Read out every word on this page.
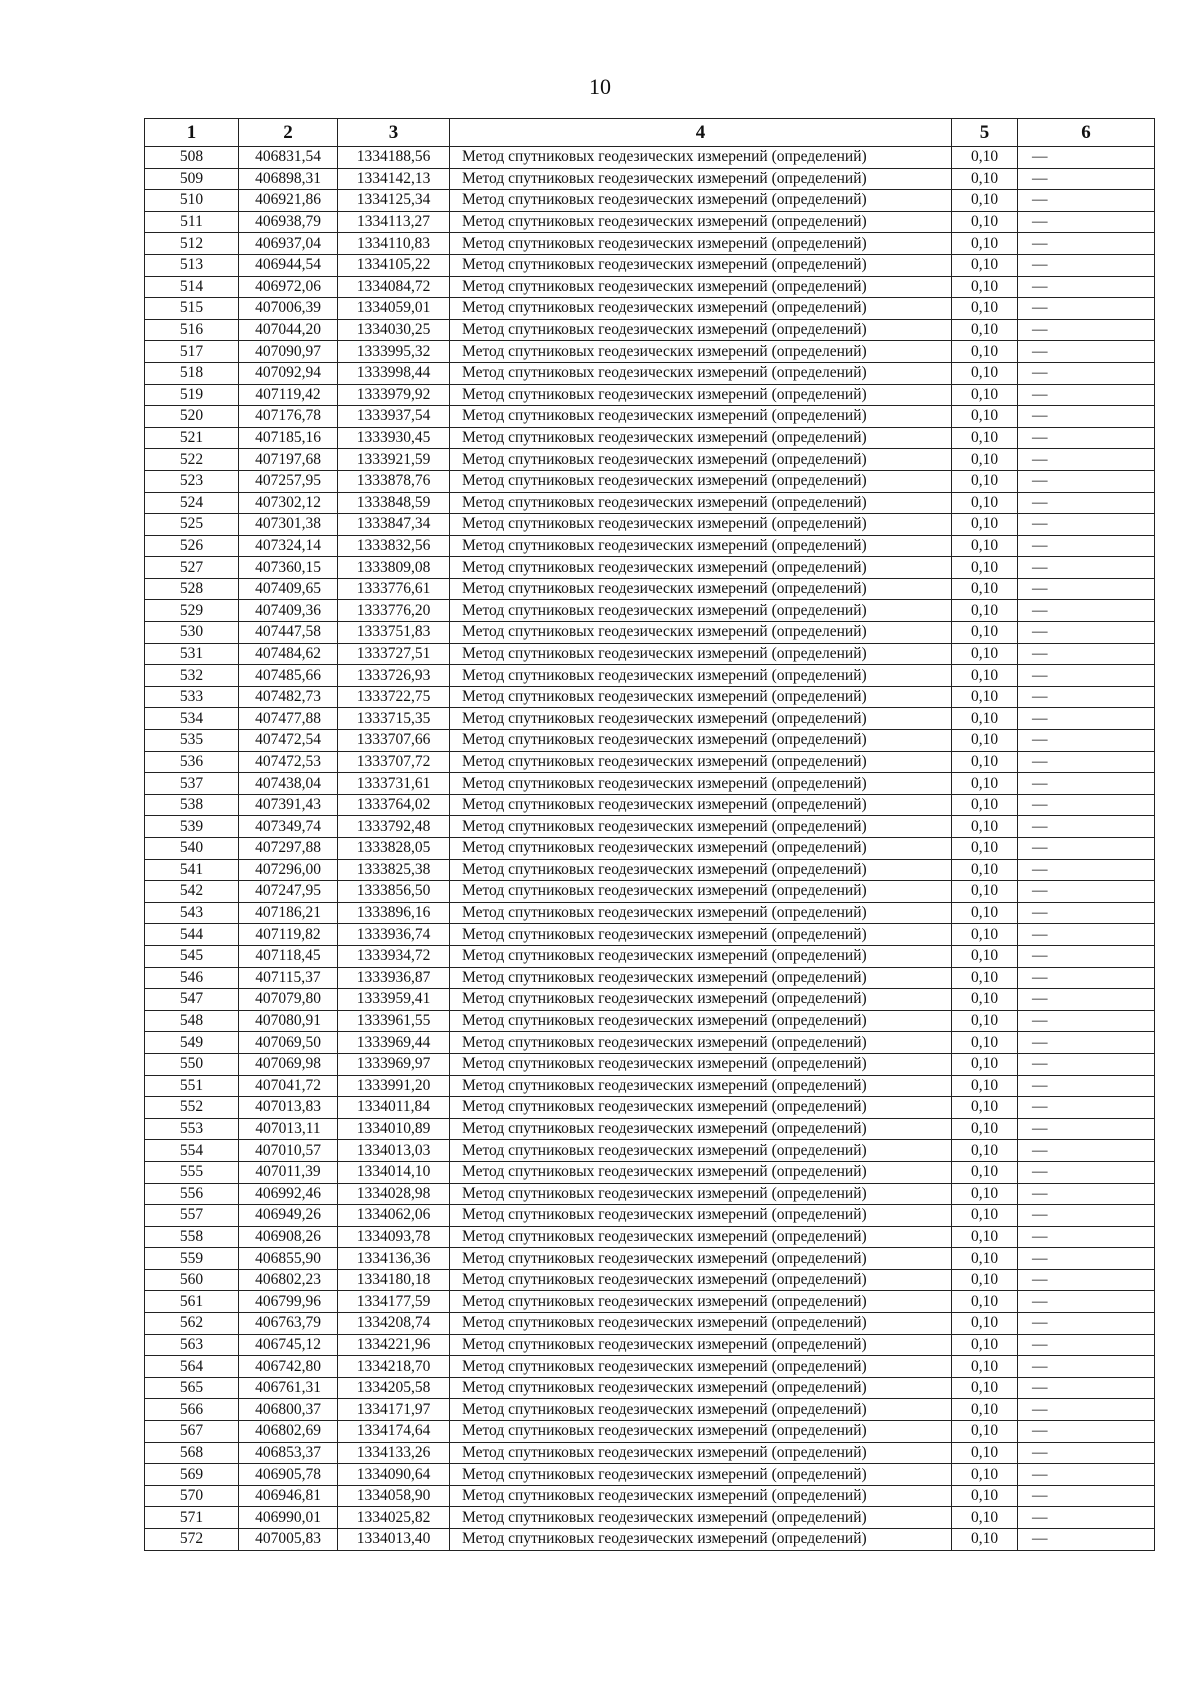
10
1	2	3	4	5	6
508	406831,54	1334188,56	Метод спутниковых геодезических измерений (определений)	0,10	—
509	406898,31	1334142,13	Метод спутниковых геодезических измерений (определений)	0,10	—
510	406921,86	1334125,34	Метод спутниковых геодезических измерений (определений)	0,10	—
511	406938,79	1334113,27	Метод спутниковых геодезических измерений (определений)	0,10	—
512	406937,04	1334110,83	Метод спутниковых геодезических измерений (определений)	0,10	—
513	406944,54	1334105,22	Метод спутниковых геодезических измерений (определений)	0,10	—
514	406972,06	1334084,72	Метод спутниковых геодезических измерений (определений)	0,10	—
515	407006,39	1334059,01	Метод спутниковых геодезических измерений (определений)	0,10	—
516	407044,20	1334030,25	Метод спутниковых геодезических измерений (определений)	0,10	—
517	407090,97	1333995,32	Метод спутниковых геодезических измерений (определений)	0,10	—
518	407092,94	1333998,44	Метод спутниковых геодезических измерений (определений)	0,10	—
519	407119,42	1333979,92	Метод спутниковых геодезических измерений (определений)	0,10	—
520	407176,78	1333937,54	Метод спутниковых геодезических измерений (определений)	0,10	—
521	407185,16	1333930,45	Метод спутниковых геодезических измерений (определений)	0,10	—
522	407197,68	1333921,59	Метод спутниковых геодезических измерений (определений)	0,10	—
523	407257,95	1333878,76	Метод спутниковых геодезических измерений (определений)	0,10	—
524	407302,12	1333848,59	Метод спутниковых геодезических измерений (определений)	0,10	—
525	407301,38	1333847,34	Метод спутниковых геодезических измерений (определений)	0,10	—
526	407324,14	1333832,56	Метод спутниковых геодезических измерений (определений)	0,10	—
527	407360,15	1333809,08	Метод спутниковых геодезических измерений (определений)	0,10	—
528	407409,65	1333776,61	Метод спутниковых геодезических измерений (определений)	0,10	—
529	407409,36	1333776,20	Метод спутниковых геодезических измерений (определений)	0,10	—
530	407447,58	1333751,83	Метод спутниковых геодезических измерений (определений)	0,10	—
531	407484,62	1333727,51	Метод спутниковых геодезических измерений (определений)	0,10	—
532	407485,66	1333726,93	Метод спутниковых геодезических измерений (определений)	0,10	—
533	407482,73	1333722,75	Метод спутниковых геодезических измерений (определений)	0,10	—
534	407477,88	1333715,35	Метод спутниковых геодезических измерений (определений)	0,10	—
535	407472,54	1333707,66	Метод спутниковых геодезических измерений (определений)	0,10	—
536	407472,53	1333707,72	Метод спутниковых геодезических измерений (определений)	0,10	—
537	407438,04	1333731,61	Метод спутниковых геодезических измерений (определений)	0,10	—
538	407391,43	1333764,02	Метод спутниковых геодезических измерений (определений)	0,10	—
539	407349,74	1333792,48	Метод спутниковых геодезических измерений (определений)	0,10	—
540	407297,88	1333828,05	Метод спутниковых геодезических измерений (определений)	0,10	—
541	407296,00	1333825,38	Метод спутниковых геодезических измерений (определений)	0,10	—
542	407247,95	1333856,50	Метод спутниковых геодезических измерений (определений)	0,10	—
543	407186,21	1333896,16	Метод спутниковых геодезических измерений (определений)	0,10	—
544	407119,82	1333936,74	Метод спутниковых геодезических измерений (определений)	0,10	—
545	407118,45	1333934,72	Метод спутниковых геодезических измерений (определений)	0,10	—
546	407115,37	1333936,87	Метод спутниковых геодезических измерений (определений)	0,10	—
547	407079,80	1333959,41	Метод спутниковых геодезических измерений (определений)	0,10	—
548	407080,91	1333961,55	Метод спутниковых геодезических измерений (определений)	0,10	—
549	407069,50	1333969,44	Метод спутниковых геодезических измерений (определений)	0,10	—
550	407069,98	1333969,97	Метод спутниковых геодезических измерений (определений)	0,10	—
551	407041,72	1333991,20	Метод спутниковых геодезических измерений (определений)	0,10	—
552	407013,83	1334011,84	Метод спутниковых геодезических измерений (определений)	0,10	—
553	407013,11	1334010,89	Метод спутниковых геодезических измерений (определений)	0,10	—
554	407010,57	1334013,03	Метод спутниковых геодезических измерений (определений)	0,10	—
555	407011,39	1334014,10	Метод спутниковых геодезических измерений (определений)	0,10	—
556	406992,46	1334028,98	Метод спутниковых геодезических измерений (определений)	0,10	—
557	406949,26	1334062,06	Метод спутниковых геодезических измерений (определений)	0,10	—
558	406908,26	1334093,78	Метод спутниковых геодезических измерений (определений)	0,10	—
559	406855,90	1334136,36	Метод спутниковых геодезических измерений (определений)	0,10	—
560	406802,23	1334180,18	Метод спутниковых геодезических измерений (определений)	0,10	—
561	406799,96	1334177,59	Метод спутниковых геодезических измерений (определений)	0,10	—
562	406763,79	1334208,74	Метод спутниковых геодезических измерений (определений)	0,10	—
563	406745,12	1334221,96	Метод спутниковых геодезических измерений (определений)	0,10	—
564	406742,80	1334218,70	Метод спутниковых геодезических измерений (определений)	0,10	—
565	406761,31	1334205,58	Метод спутниковых геодезических измерений (определений)	0,10	—
566	406800,37	1334171,97	Метод спутниковых геодезических измерений (определений)	0,10	—
567	406802,69	1334174,64	Метод спутниковых геодезических измерений (определений)	0,10	—
568	406853,37	1334133,26	Метод спутниковых геодезических измерений (определений)	0,10	—
569	406905,78	1334090,64	Метод спутниковых геодезических измерений (определений)	0,10	—
570	406946,81	1334058,90	Метод спутниковых геодезических измерений (определений)	0,10	—
571	406990,01	1334025,82	Метод спутниковых геодезических измерений (определений)	0,10	—
572	407005,83	1334013,40	Метод спутниковых геодезических измерений (определений)	0,10	—
